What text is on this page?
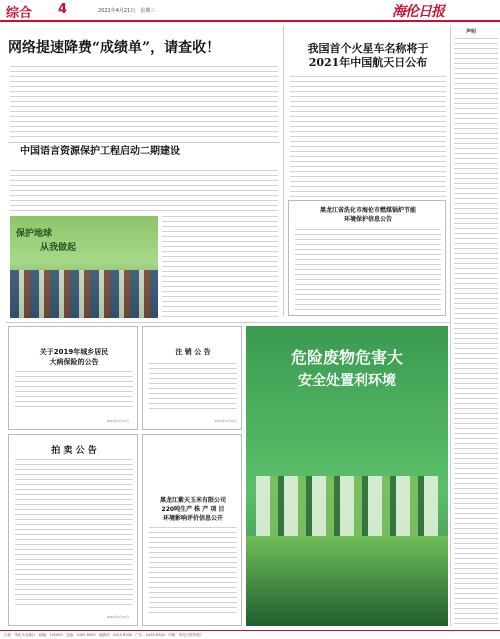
综合 4	2021年4月21日　星期三	海伦日报
网络提速降费“成绩单”，请查收！
中国语言资源保护工程启动二期建设
保护地球
从我做起
我国首个火星车名称将于
2021年中国航天日公布
黑龙江省洗化市海伦市燃煤锅炉节能
环境保护信息公告
声明
关于2019年城乡居民
大病保险的公告
2021年4月15日
注 销 公 告
2021年4月20日
拍 卖 公 告
2021年4月21日
黑龙江紫天玉米有限公司
220吨生产 株 产 项 目
环境影响评价信息公开
危险废物危害大
安全处置利环境
社址：绥化市北林区 · 邮编：152000 · 总编：0455-8300 · 编辑部：0455-8300 · 广告：0455-8300 · 印刷：绥化日报印刷厂
